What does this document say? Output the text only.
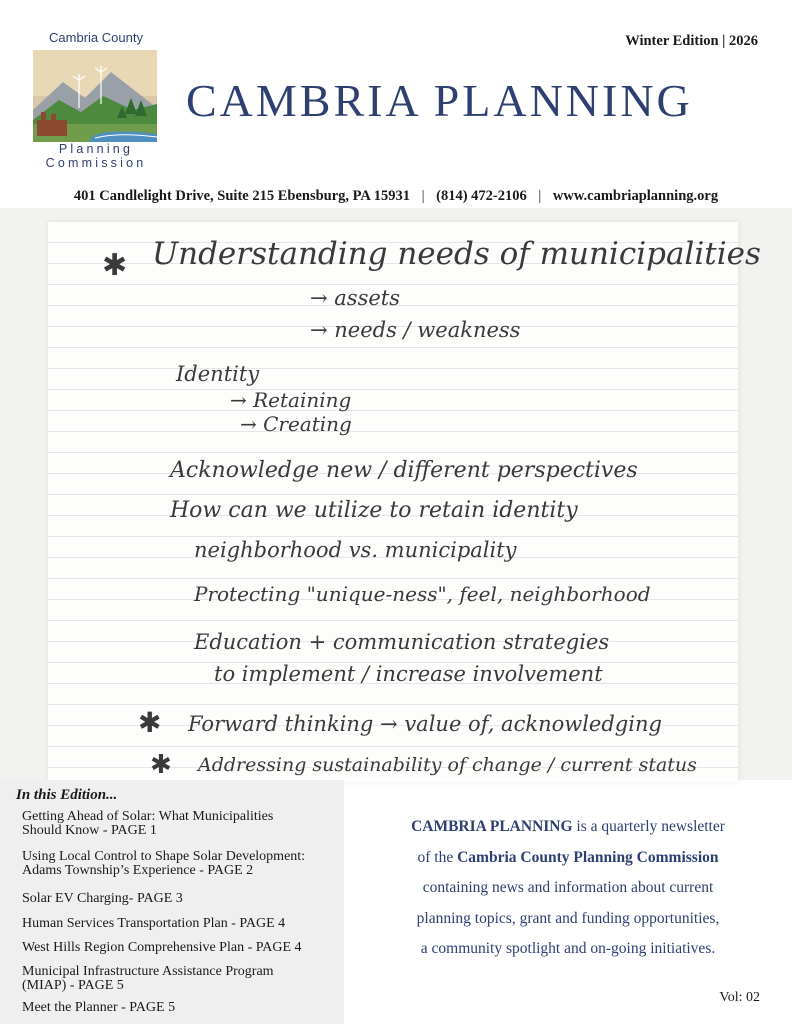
Cambria County
Planning
Commission
Winter Edition | 2026
CAMBRIA PLANNING
401 Candlelight Drive, Suite 215 Ebensburg, PA 15931 | (814) 472-2106 | www.cambriaplanning.org
✱ Understanding needs of municipalities
→ assets
→ needs / weakness
Identity
→ Retaining
→ Creating
Acknowledge new / different perspectives
How can we utilize to retain identity
neighborhood vs. municipality
Protecting "unique-ness", feel, neighborhood
Education + communication strategies
to implement / increase involvement
✱ Forward thinking → value of, acknowledging
✱ Addressing sustainability of change / current status
In this Edition...
Getting Ahead of Solar: What Municipalities
Should Know - PAGE 1
Using Local Control to Shape Solar Development:
Adams Township’s Experience - PAGE 2
Solar EV Charging- PAGE 3
Human Services Transportation Plan - PAGE 4
West Hills Region Comprehensive Plan - PAGE 4
Municipal Infrastructure Assistance Program
(MIAP) - PAGE 5
Meet the Planner - PAGE 5
CAMBRIA PLANNING is a quarterly newsletter
of the Cambria County Planning Commission
containing news and information about current
planning topics, grant and funding opportunities,
a community spotlight and on-going initiatives.
Vol: 02
